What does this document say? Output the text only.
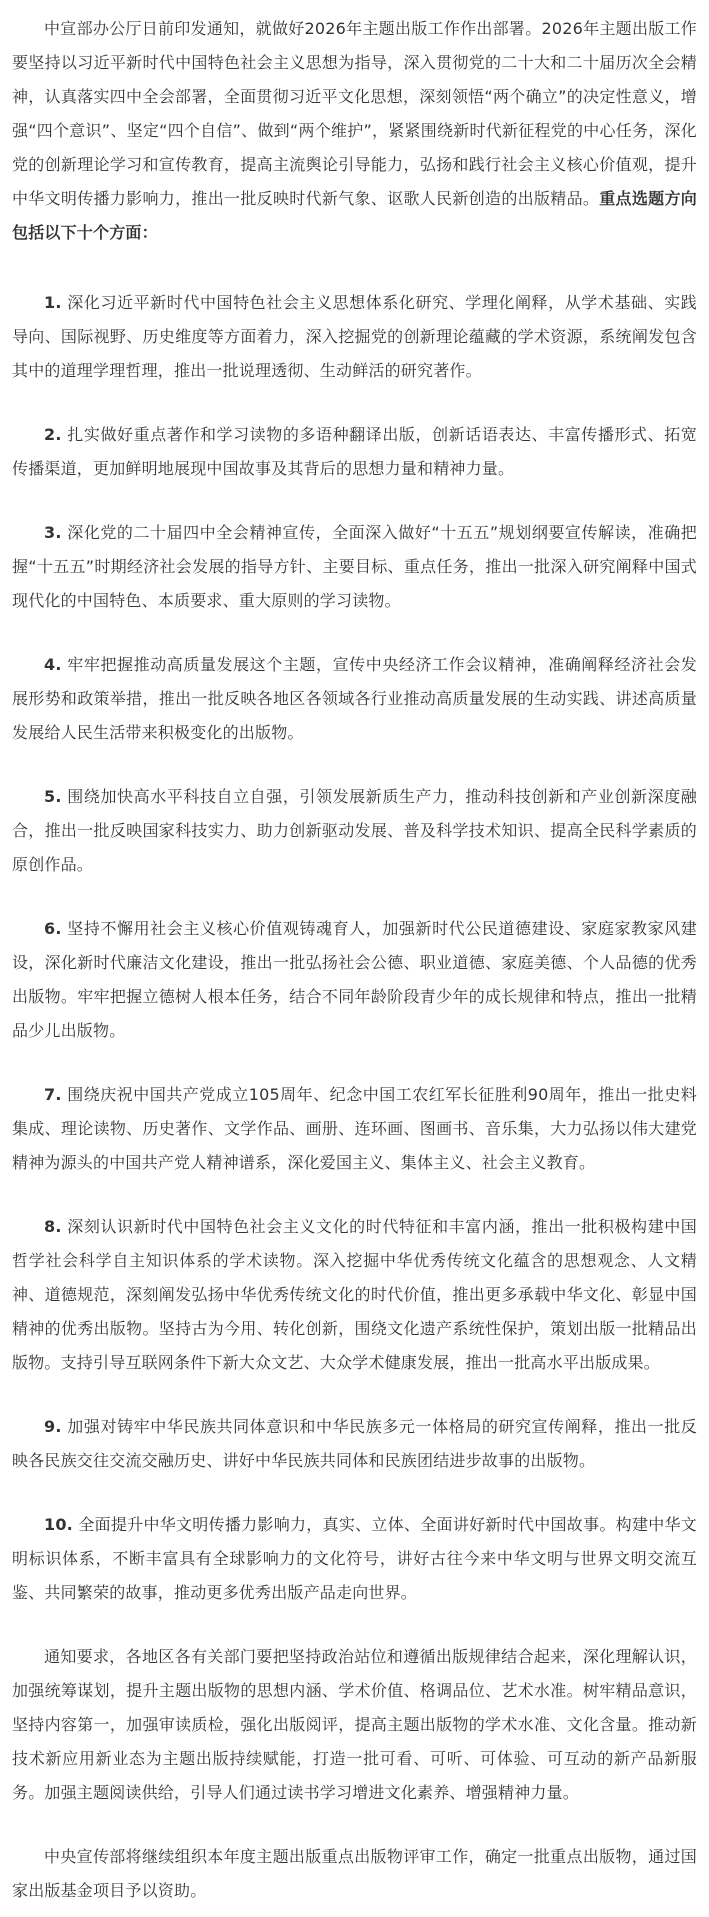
中宣部办公厅日前印发通知，就做好2026年主题出版工作作出部署。2026年主题出版工作要坚持以习近平新时代中国特色社会主义思想为指导，深入贯彻党的二十大和二十届历次全会精神，认真落实四中全会部署，全面贯彻习近平文化思想，深刻领悟“两个确立”的决定性意义，增强“四个意识”、坚定“四个自信”、做到“两个维护”，紧紧围绕新时代新征程党的中心任务，深化党的创新理论学习和宣传教育，提高主流舆论引导能力，弘扬和践行社会主义核心价值观，提升中华文明传播力影响力，推出一批反映时代新气象、讴歌人民新创造的出版精品。重点选题方向包括以下十个方面：

1. 深化习近平新时代中国特色社会主义思想体系化研究、学理化阐释，从学术基础、实践导向、国际视野、历史维度等方面着力，深入挖掘党的创新理论蕴藏的学术资源，系统阐发包含其中的道理学理哲理，推出一批说理透彻、生动鲜活的研究著作。

2. 扎实做好重点著作和学习读物的多语种翻译出版，创新话语表达、丰富传播形式、拓宽传播渠道，更加鲜明地展现中国故事及其背后的思想力量和精神力量。

3. 深化党的二十届四中全会精神宣传，全面深入做好“十五五”规划纲要宣传解读，准确把握“十五五”时期经济社会发展的指导方针、主要目标、重点任务，推出一批深入研究阐释中国式现代化的中国特色、本质要求、重大原则的学习读物。

4. 牢牢把握推动高质量发展这个主题，宣传中央经济工作会议精神，准确阐释经济社会发展形势和政策举措，推出一批反映各地区各领域各行业推动高质量发展的生动实践、讲述高质量发展给人民生活带来积极变化的出版物。

5. 围绕加快高水平科技自立自强，引领发展新质生产力，推动科技创新和产业创新深度融合，推出一批反映国家科技实力、助力创新驱动发展、普及科学技术知识、提高全民科学素质的原创作品。

6. 坚持不懈用社会主义核心价值观铸魂育人，加强新时代公民道德建设、家庭家教家风建设，深化新时代廉洁文化建设，推出一批弘扬社会公德、职业道德、家庭美德、个人品德的优秀出版物。牢牢把握立德树人根本任务，结合不同年龄阶段青少年的成长规律和特点，推出一批精品少儿出版物。

7. 围绕庆祝中国共产党成立105周年、纪念中国工农红军长征胜利90周年，推出一批史料集成、理论读物、历史著作、文学作品、画册、连环画、图画书、音乐集，大力弘扬以伟大建党精神为源头的中国共产党人精神谱系，深化爱国主义、集体主义、社会主义教育。

8. 深刻认识新时代中国特色社会主义文化的时代特征和丰富内涵，推出一批积极构建中国哲学社会科学自主知识体系的学术读物。深入挖掘中华优秀传统文化蕴含的思想观念、人文精神、道德规范，深刻阐发弘扬中华优秀传统文化的时代价值，推出更多承载中华文化、彰显中国精神的优秀出版物。坚持古为今用、转化创新，围绕文化遗产系统性保护，策划出版一批精品出版物。支持引导互联网条件下新大众文艺、大众学术健康发展，推出一批高水平出版成果。

9. 加强对铸牢中华民族共同体意识和中华民族多元一体格局的研究宣传阐释，推出一批反映各民族交往交流交融历史、讲好中华民族共同体和民族团结进步故事的出版物。

10. 全面提升中华文明传播力影响力，真实、立体、全面讲好新时代中国故事。构建中华文明标识体系，不断丰富具有全球影响力的文化符号，讲好古往今来中华文明与世界文明交流互鉴、共同繁荣的故事，推动更多优秀出版产品走向世界。

通知要求，各地区各有关部门要把坚持政治站位和遵循出版规律结合起来，深化理解认识，加强统筹谋划，提升主题出版物的思想内涵、学术价值、格调品位、艺术水准。树牢精品意识，坚持内容第一，加强审读质检，强化出版阅评，提高主题出版物的学术水准、文化含量。推动新技术新应用新业态为主题出版持续赋能，打造一批可看、可听、可体验、可互动的新产品新服务。加强主题阅读供给，引导人们通过读书学习增进文化素养、增强精神力量。

中央宣传部将继续组织本年度主题出版重点出版物评审工作，确定一批重点出版物，通过国家出版基金项目予以资助。
